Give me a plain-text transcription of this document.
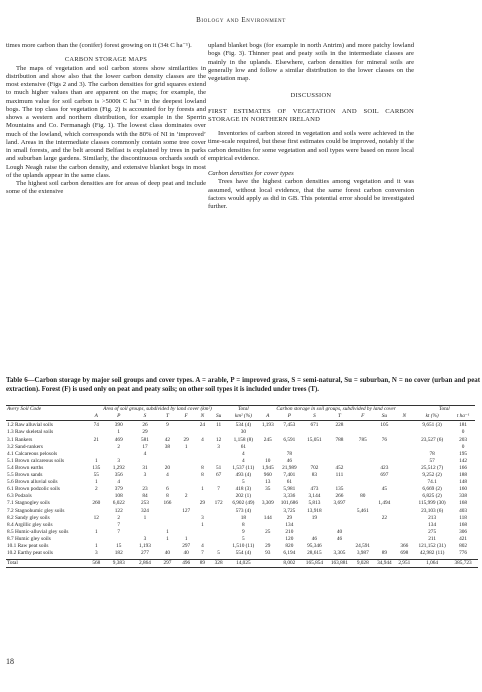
Biology and Environment

times more carbon than the (conifer) forest growing on it (34t C ha⁻¹).

CARBON STORAGE MAPS

The maps of vegetation and soil carbon stores show similarities in distribution and show also that the lower carbon density classes are the most extensive (Figs 2 and 3). The carbon densities for grid squares extend to much higher values than are apparent on the maps; for example, the maximum value for soil carbon is >5000t C ha⁻¹ in the deepest lowland bogs. The top class for vegetation (Fig. 2) is accounted for by forests and shows a western and northern distribution, for example in the Sperrin Mountains and Co. Fermanagh (Fig. 1). The lowest class dominates over much of the lowland, which corresponds with the 80% of NI in ‘improved’ land. Areas in the intermediate classes commonly contain some tree cover in small forests, and the belt around Belfast is explained by trees in parks and suburban large gardens. Similarly, the discontinuous orchards south of Lough Neagh raise the carbon density, and extensive blanket bogs in most of the uplands appear in the same class.

The highest soil carbon densities are for areas of deep peat and include some of the extensive

upland blanket bogs (for example in north Antrim) and more patchy lowland bogs (Fig. 3). Thinner peat and peaty soils in the intermediate classes are mainly in the uplands. Elsewhere, carbon densities for mineral soils are generally low and follow a similar distribution to the lower classes on the vegetation map.

DISCUSSION

FIRST ESTIMATES OF VEGETATION AND SOIL CARBON STORAGE IN NORTHERN IRELAND

Inventories of carbon stored in vegetation and soils were achieved in the time-scale required, but these first estimates could be improved, notably if the carbon densities for some vegetation and soil types were based on more local empirical evidence.

Carbon densities for cover types

Trees have the highest carbon densities among vegetation and it was assumed, without local evidence, that the same forest carbon conversion factors would apply as did in GB. This potential error should be investigated further.

Table 6—Carbon storage by major soil groups and cover types. A = arable, P = improved grass, S = semi-natural, Su = suburban, N = no cover (urban and peat extraction). Forest (F) is used only on peat and peaty soils; on other soil types it is included under trees (T).
Avery Soil Code	Area of soil groups, subdivided by land cover (km²)							Total	Carbon storage in soil groups, subdivided by land cover							Total		
	A	P	S	T	F	N	Su	km² (%)	A	P	S	T	F	Su	N	kt (%)	t ha⁻¹	

1.2 Raw alluvial soils	74	390	26	9		24	11	534 (4)	1,193	7,453	671	228		105		9,651 (3)	181	
1.3 Raw skeletal soils		1	29					30									0	
3.1 Rankers	21	469	581	42	29	4	12	1,158 (8)	245	6,591	15,051	788	785	76		23,527 (6)	203	
3.2 Sand-rankers		2	17	38	1		3	61									0	
4.1 Calcareous pelosols			4					4		78						78	195	
5.1 Brown calcareous soils	1	3						4	10	46						57	142	
5.4 Brown earths	135	1,292	31	20		8	51	1,537 (11)	1,945	21,989	702	452		423		25,512 (7)	166	
5.5 Brown sands	55	356	3	4		8	67	493 (4)	960	7,401	83	111		697		9,252 (2)	188	
5.6 Brown alluvial soils	1	4						5	13	61						74.1	148	
6.1 Brown podzolic soils	2	379	23	6		1	7	418 (3)	35	5,981	473	135		45		6,669 (2)	160	
6.3 Podzols		108	84	8	2			202 (1)		3,336	3,144	266	80			6,825 (2)	338	
7.1 Stagnogley soils	260	6,022	253	166		29	172	6,902 (49)	3,309	101,686	5,813	3,697		1,494		115,999 (30)	168	
7.2 Stagnohumic gley soils		122	324		127			573 (4)		3,725	13,918		5,461			23,103 (6)	403	
8.2 Sandy gley soils	12	2	1			3		18	144	29	19			22		213	118	
8.4 Argillic gley soils		7				1		8		134						134	168	
8.5 Humic-alluvial gley soils	1	7		1				9	25	210		40				275	306	
8.7 Humic gley soils			3	1	1			5		120	46	46				211	421	
10.1 Raw peat soils	1	15	1,193		297	4		1,510 (11)	29	820	95,346		24,591		366	121,152 (31)	802	
10.2 Earthy peat soils	3	182	277	40	40	7	5	554 (4)	93	6,194	28,615	3,305	3,987	89	698	42,982 (11)	776	

Total	568	9,383	2,864	297	496	89	328	14,025		8,002	165,854	163,881	9,028	34,944	2,951	1,064	385,723	
18
